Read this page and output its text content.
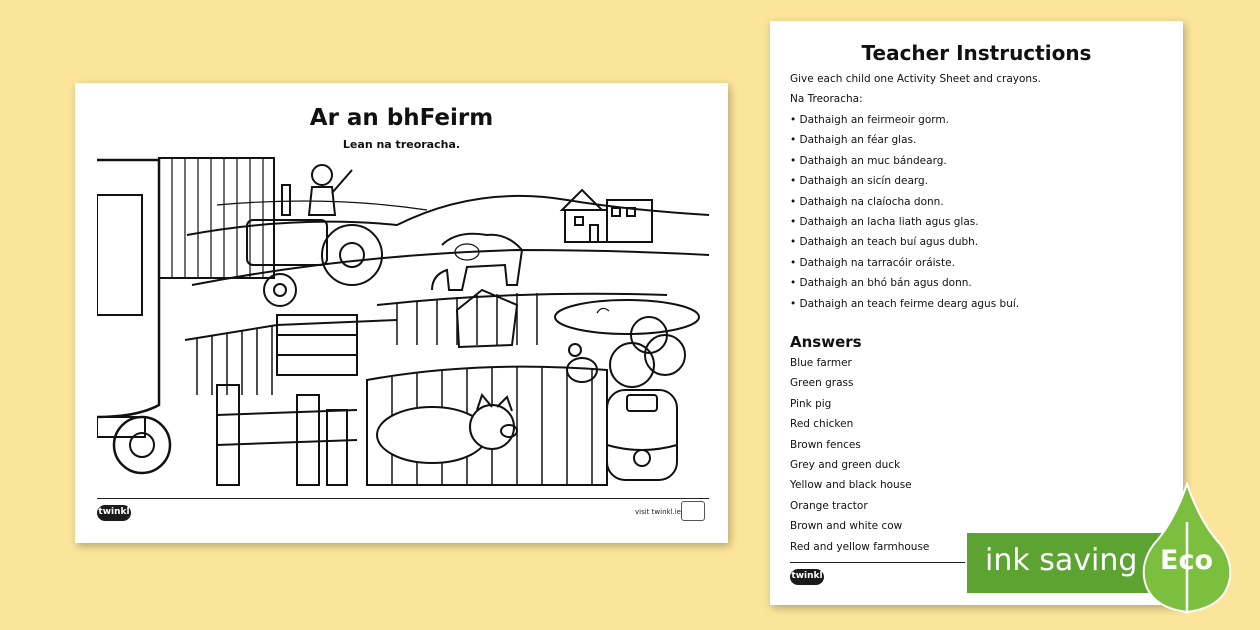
Ar an bhFeirm
Lean na treoracha.
twinkl	visit twinkl.ie
Teacher Instructions
Give each child one Activity Sheet and crayons.
Na Treoracha:
• Dathaigh an feirmeoir gorm.
• Dathaigh an féar glas.
• Dathaigh an muc bándearg.
• Dathaigh an sicín dearg.
• Dathaigh na claíocha donn.
• Dathaigh an lacha liath agus glas.
• Dathaigh an teach buí agus dubh.
• Dathaigh na tarracóir oráiste.
• Dathaigh an bhó bán agus donn.
• Dathaigh an teach feirme dearg agus buí.
Answers
Blue farmer
Green grass
Pink pig
Red chicken
Brown fences
Grey and green duck
Yellow and black house
Orange tractor
Brown and white cow
Red and yellow farmhouse
twinkl	ink saving Eco
